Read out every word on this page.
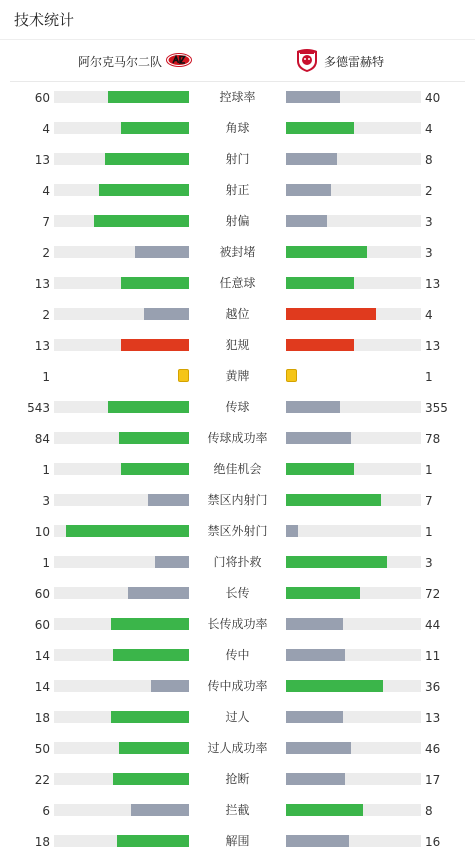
技术统计
阿尔克马尔二队	多德雷赫特
60	控球率	40
4	角球	4
13	射门	8
4	射正	2
7	射偏	3
2	被封堵	3
13	任意球	13
2	越位	4
13	犯规	13
1	黄牌	1
543	传球	355
84	传球成功率	78
1	绝佳机会	1
3	禁区内射门	7
10	禁区外射门	1
1	门将扑救	3
60	长传	72
60	长传成功率	44
14	传中	11
14	传中成功率	36
18	过人	13
50	过人成功率	46
22	抢断	17
6	拦截	8
18	解围	16
